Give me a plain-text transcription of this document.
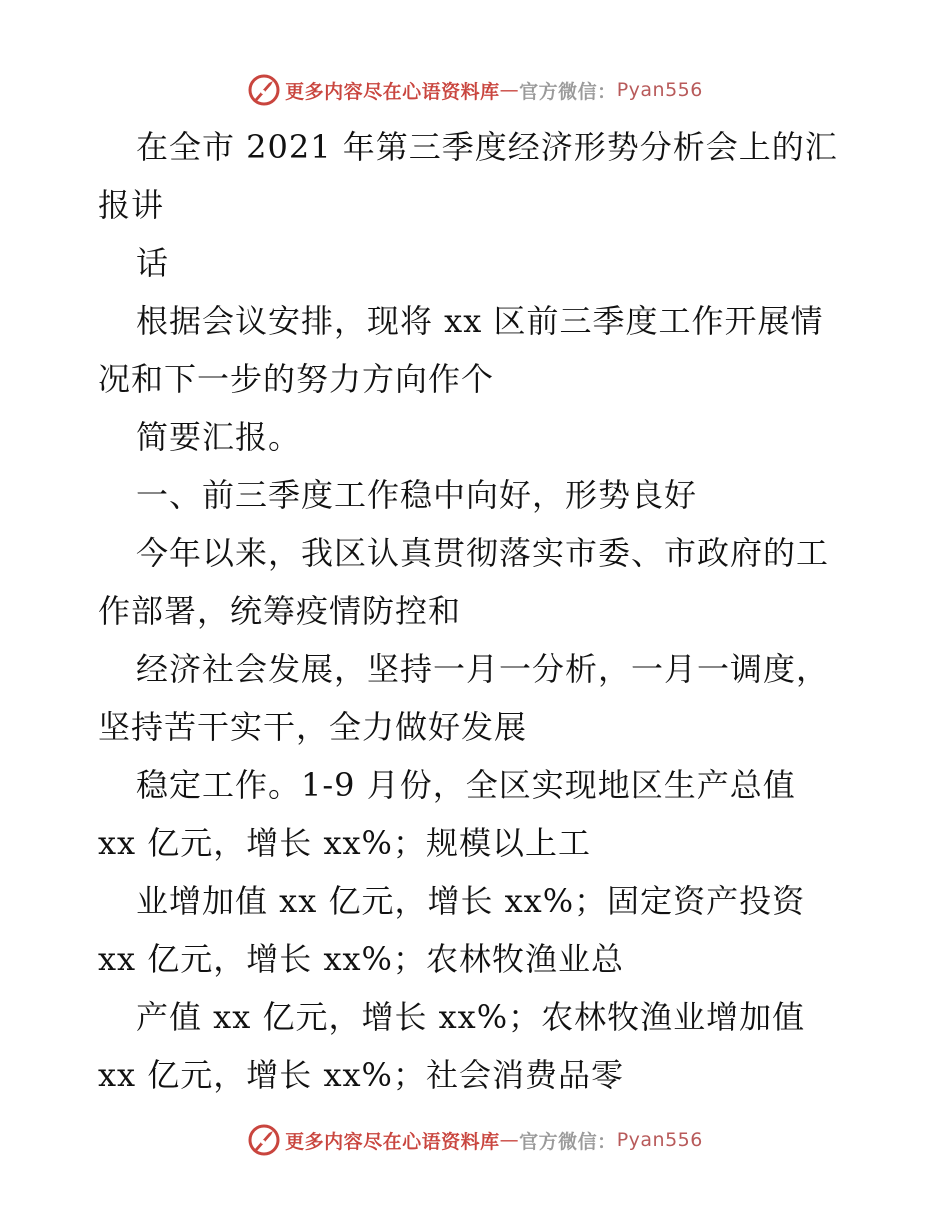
更多内容尽在心语资料库 — 官方微信： Pyan556
在全市 2021 年第三季度经济形势分析会上的汇
报讲
话
根据会议安排，现将 xx 区前三季度工作开展情
况和下一步的努力方向作个
简要汇报。
一、前三季度工作稳中向好，形势良好
今年以来，我区认真贯彻落实市委、市政府的工
作部署，统筹疫情防控和
经济社会发展，坚持一月一分析，一月一调度，
坚持苦干实干，全力做好发展
稳定工作。1-9 月份，全区实现地区生产总值
xx 亿元，增长 xx%；规模以上工
业增加值 xx 亿元，增长 xx%；固定资产投资
xx 亿元，增长 xx%；农林牧渔业总
产值 xx 亿元，增长 xx%；农林牧渔业增加值
xx 亿元，增长 xx%；社会消费品零
更多内容尽在心语资料库 — 官方微信： Pyan556
